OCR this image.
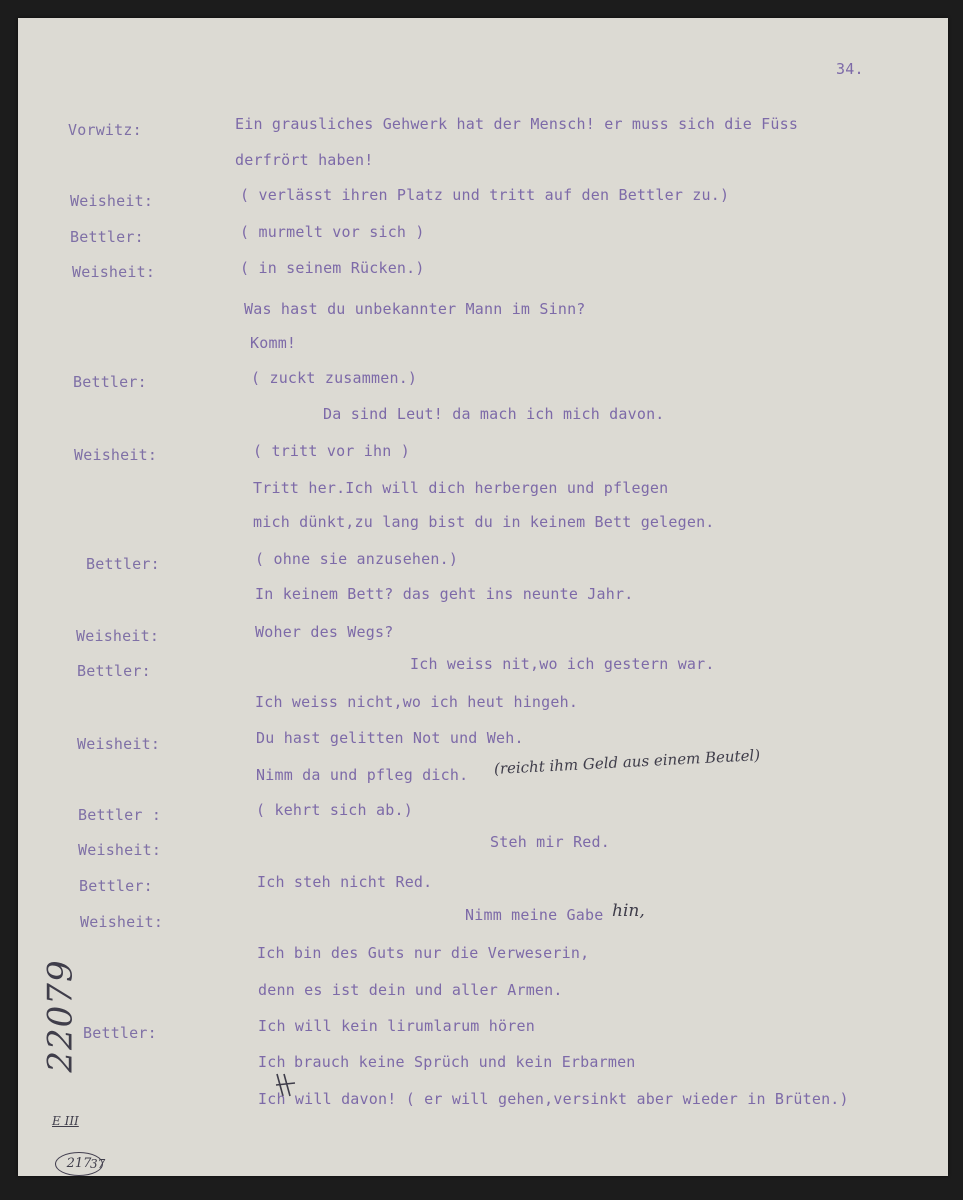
34.
Vorwitz:	Ein grausliches Gehwerk hat der Mensch! er muss sich die Füss
derfrört haben!
Weisheit:	( verlässt ihren Platz und tritt auf den Bettler zu.)
Bettler:	( murmelt vor sich )
Weisheit:	( in seinem Rücken.)
Was hast du unbekannter Mann im Sinn?
Komm!
Bettler:	( zuckt zusammen.)
Da sind Leut! da mach ich mich davon.
Weisheit:	( tritt vor ihn )
Tritt her.Ich will dich herbergen und pflegen
mich dünkt,zu lang bist du in keinem Bett gelegen.
Bettler:	( ohne sie anzusehen.)
In keinem Bett? das geht ins neunte Jahr.
Weisheit:	Woher des Wegs?
Bettler:	Ich weiss nit,wo ich gestern war.
Ich weiss nicht,wo ich heut hingeh.
Weisheit:	Du hast gelitten Not und Weh.
Nimm da und pfleg dich. (reicht ihm Geld aus einem Beutel)
Bettler :	( kehrt sich ab.)
Weisheit:	Steh mir Red.
Bettler:	Ich steh nicht Red.
Weisheit:	Nimm meine Gabe hin,
Ich bin des Guts nur die Verweserin,
denn es ist dein und aller Armen.
Bettler:	Ich will kein lirumlarum hören
Ich brauch keine Sprüch und kein Erbarmen
Ich will davon! ( er will gehen,versinkt aber wieder in Brüten.)
22079
E III
217
37
